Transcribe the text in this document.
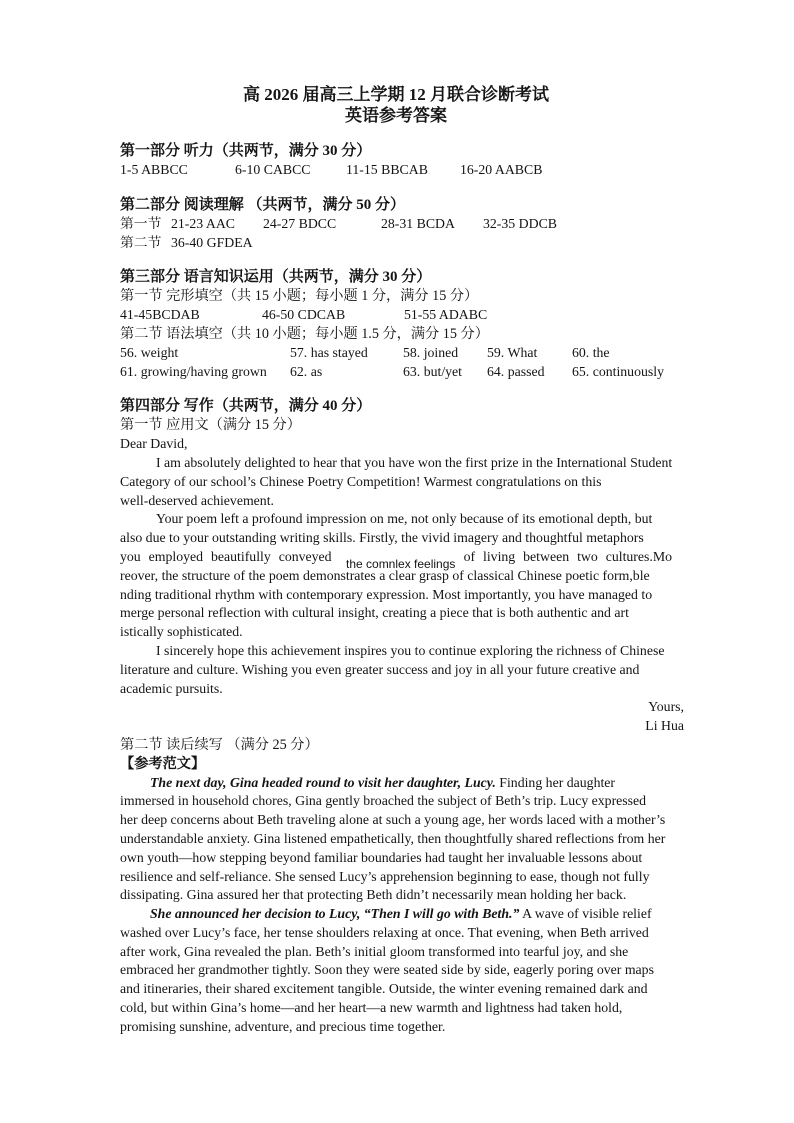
高 2026 届高三上学期 12 月联合诊断考试
英语参考答案
第一部分 听力（共两节，满分 30 分）
1-5 ABBCC	6-10 CABCC	11-15 BBCAB 16-20 AABCB
第二部分 阅读理解 （共两节，满分 50 分）
第一节 21-23 AAC 24-27 BDCC	28-31 BCDA 32-35 DDCB
第二节 36-40 GFDEA
第三部分 语言知识运用（共两节，满分 30 分）
第一节 完形填空（共 15 小题；每小题 1 分，满分 15 分）
41-45BCDAB	46-50 CDCAB	51-55 ADABC
第二节 语法填空（共 10 小题；每小题 1.5 分，满分 15 分）
56. weight	57. has stayed	58. joined 59. What	60. the
61. growing/having grown 62. as	63. but/yet 64. passed 65. continuously
第四部分 写作（共两节，满分 40 分）
第一节 应用文（满分 15 分）
Dear David,
I am absolutely delighted to hear that you have won the first prize in the International Student
Category of our school’s Chinese Poetry Competition! Warmest congratulations on this
well-deserved achievement.
Your poem left a profound impression on me, not only because of its emotional depth, but
also due to your outstanding writing skills. Firstly, the vivid imagery and thoughtful metaphors
you employed beautifully conveyed the comnlex feelings of living between two cultures.Mo
reover, the structure of the poem demonstrates a clear grasp of classical Chinese poetic form,ble
nding traditional rhythm with contemporary expression. Most importantly, you have managed to
merge personal reflection with cultural insight, creating a piece that is both authentic and art
istically sophisticated.
I sincerely hope this achievement inspires you to continue exploring the richness of Chinese
literature and culture. Wishing you even greater success and joy in all your future creative and
academic pursuits.
Yours,
Li Hua
第二节 读后续写 （满分 25 分）
【参考范文】
The next day, Gina headed round to visit her daughter, Lucy. Finding her daughter
immersed in household chores, Gina gently broached the subject of Beth’s trip. Lucy expressed
her deep concerns about Beth traveling alone at such a young age, her words laced with a mother’s
understandable anxiety. Gina listened empathetically, then thoughtfully shared reflections from her
own youth—how stepping beyond familiar boundaries had taught her invaluable lessons about
resilience and self-reliance. She sensed Lucy’s apprehension beginning to ease, though not fully
dissipating. Gina assured her that protecting Beth didn’t necessarily mean holding her back.
She announced her decision to Lucy, “Then I will go with Beth.” A wave of visible relief
washed over Lucy’s face, her tense shoulders relaxing at once. That evening, when Beth arrived
after work, Gina revealed the plan. Beth’s initial gloom transformed into tearful joy, and she
embraced her grandmother tightly. Soon they were seated side by side, eagerly poring over maps
and itineraries, their shared excitement tangible. Outside, the winter evening remained dark and
cold, but within Gina’s home—and her heart—a new warmth and lightness had taken hold,
promising sunshine, adventure, and precious time together.
